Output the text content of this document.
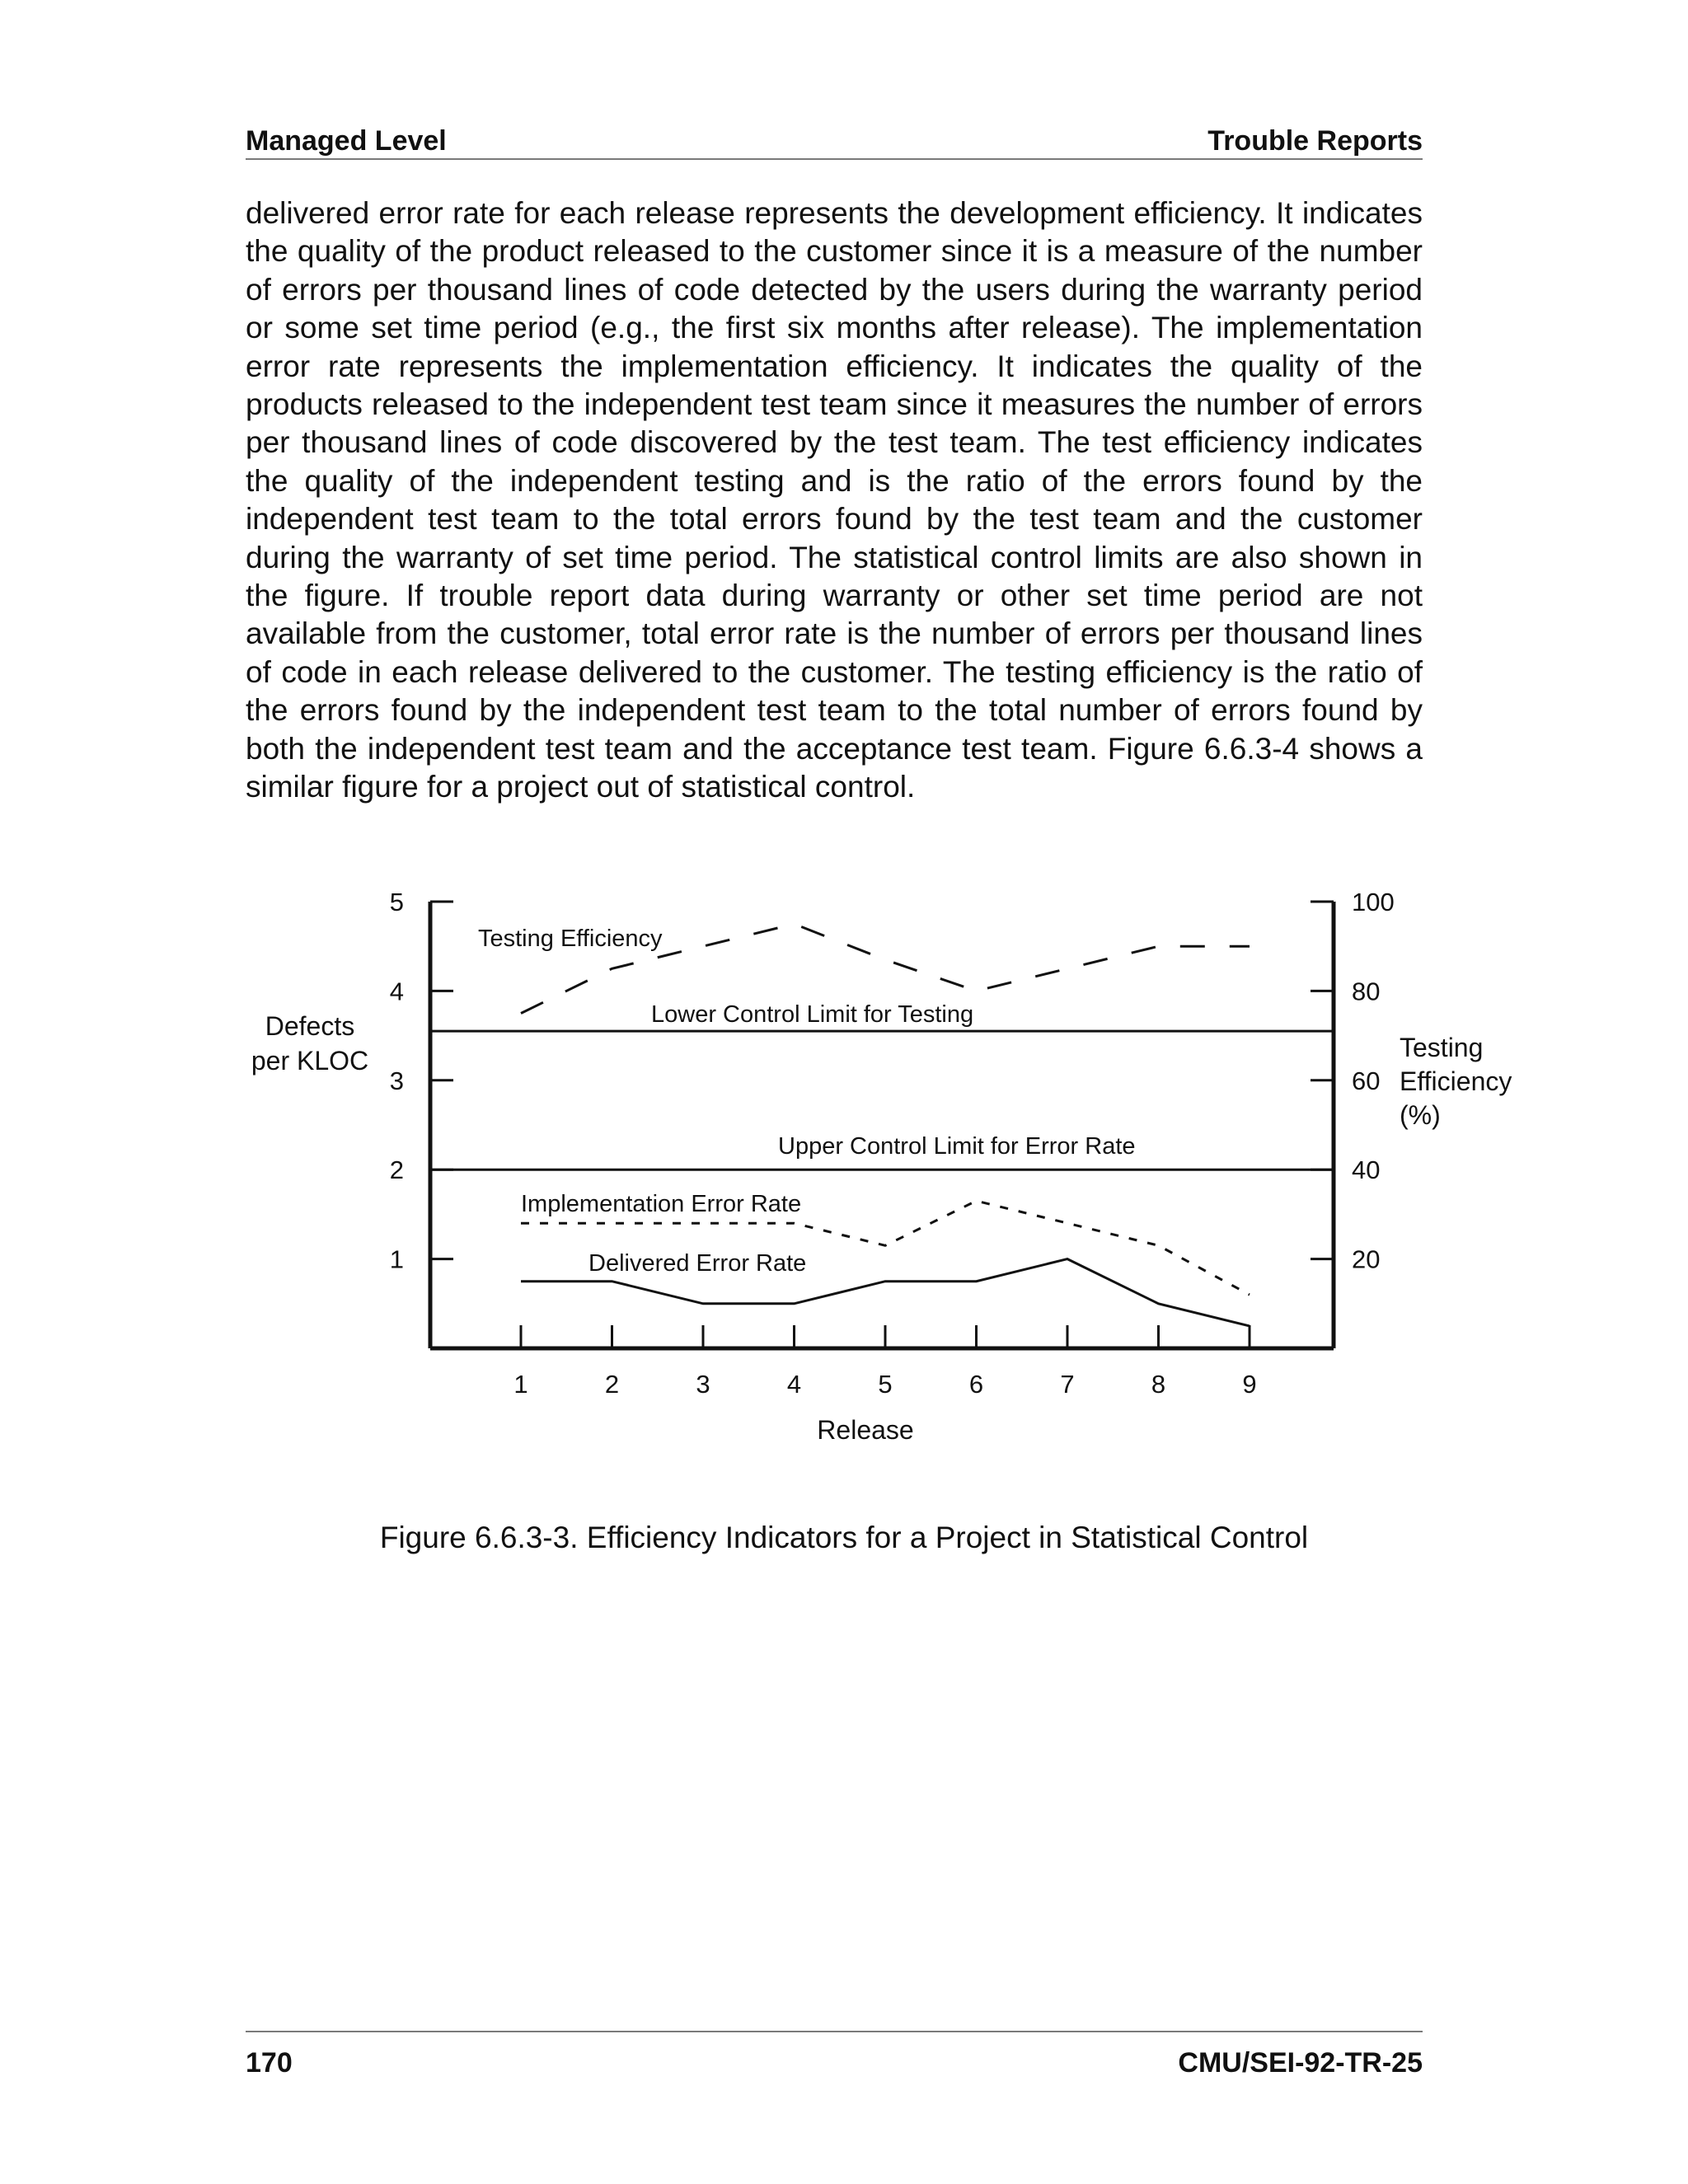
Managed Level	Trouble Reports

delivered error rate for each release represents the development efficiency. It indicates the quality of the product released to the customer since it is a measure of the number of errors per thousand lines of code detected by the users during the warranty period or some set time period (e.g., the first six months after release). The implementation error rate represents the implementation efficiency. It indicates the quality of the products released to the independent test team since it measures the number of errors per thousand lines of code discovered by the test team. The test efficiency indicates the quality of the independent testing and is the ratio of the errors found by the independent test team to the total errors found by the test team and the customer during the warranty of set time period. The statistical control limits are also shown in the figure. If trouble report data during warranty or other set time period are not available from the customer, total error rate is the number of errors per thousand lines of code in each release delivered to the customer. The testing efficiency is the ratio of the errors found by the independent test team to the total number of errors found by both the independent test team and the acceptance test team. Figure 6.6.3-4 shows a similar figure for a project out of statistical control.

1
2
3
4
5
20
40
60
80
100
1	2	3	4	5	6	7	8	9
Release
Defects
per KLOC	Testing
Efficiency
(%)
Lower Control Limit for Testing
Upper Control Limit for Error Rate
Testing Efficiency
Implementation Error Rate
Delivered Error Rate
Figure 6.6.3-3. Efficiency Indicators for a Project in Statistical Control
170	CMU/SEI-92-TR-25
